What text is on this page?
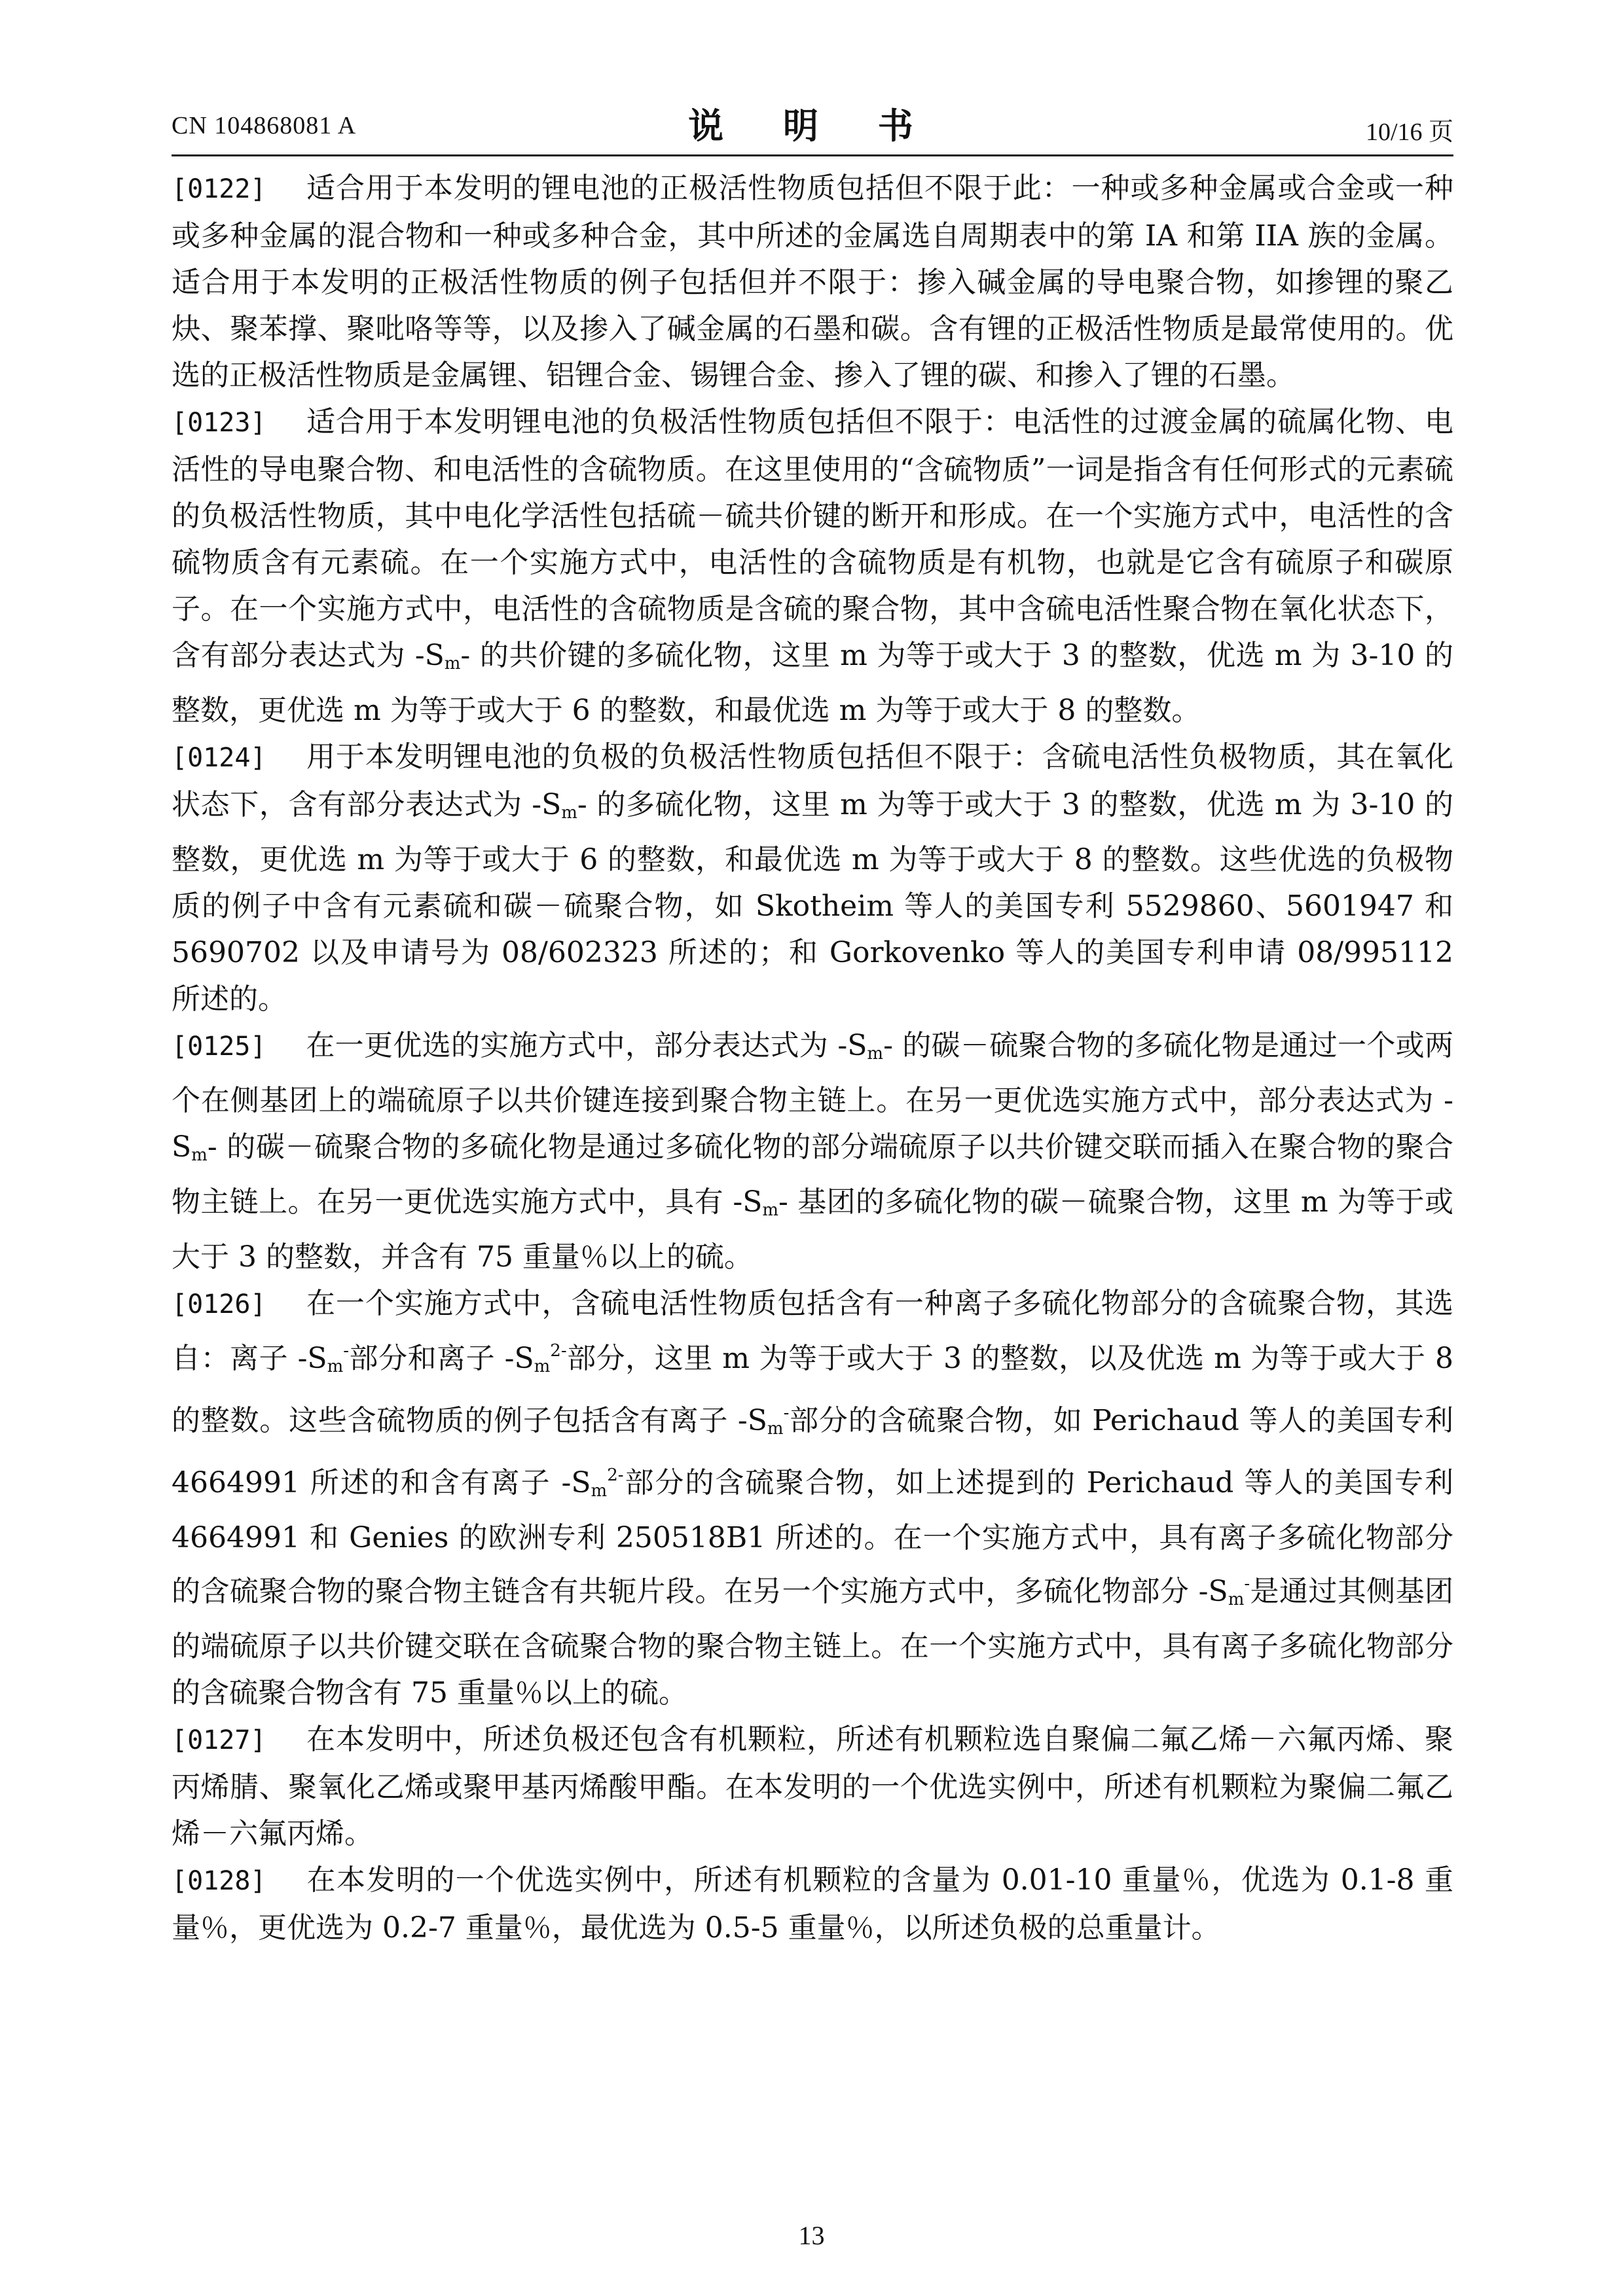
CN 104868081 A	说 明 书	10/16 页

[0122] 适合用于本发明的锂电池的正极活性物质包括但不限于此：一种或多种金属或合金或一种或多种金属的混合物和一种或多种合金，其中所述的金属选自周期表中的第 IA 和第 IIA 族的金属。适合用于本发明的正极活性物质的例子包括但并不限于：掺入碱金属的导电聚合物，如掺锂的聚乙炔、聚苯撑、聚吡咯等等，以及掺入了碱金属的石墨和碳。含有锂的正极活性物质是最常使用的。优选的正极活性物质是金属锂、铝锂合金、锡锂合金、掺入了锂的碳、和掺入了锂的石墨。

[0123] 适合用于本发明锂电池的负极活性物质包括但不限于：电活性的过渡金属的硫属化物、电活性的导电聚合物、和电活性的含硫物质。在这里使用的“含硫物质”一词是指含有任何形式的元素硫的负极活性物质，其中电化学活性包括硫－硫共价键的断开和形成。在一个实施方式中，电活性的含硫物质含有元素硫。在一个实施方式中，电活性的含硫物质是有机物，也就是它含有硫原子和碳原子。在一个实施方式中，电活性的含硫物质是含硫的聚合物，其中含硫电活性聚合物在氧化状态下，含有部分表达式为 $-S_m-$ 的共价键的多硫化物，这里 m 为等于或大于 3 的整数，优选 m 为 3-10 的整数，更优选 m 为等于或大于 6 的整数，和最优选 m 为等于或大于 8 的整数。

[0124] 用于本发明锂电池的负极的负极活性物质包括但不限于：含硫电活性负极物质，其在氧化状态下，含有部分表达式为 $-S_m-$ 的多硫化物，这里 m 为等于或大于 3 的整数，优选 m 为 3-10 的整数，更优选 m 为等于或大于 6 的整数，和最优选 m 为等于或大于 8 的整数。这些优选的负极物质的例子中含有元素硫和碳－硫聚合物，如 Skotheim 等人的美国专利 5529860、5601947 和 5690702 以及申请号为 08/602323 所述的；和 Gorkovenko 等人的美国专利申请 08/995112 所述的。

[0125] 在一更优选的实施方式中，部分表达式为 $-S_m-$ 的碳－硫聚合物的多硫化物是通过一个或两个在侧基团上的端硫原子以共价键连接到聚合物主链上。在另一更优选实施方式中，部分表达式为 $-S_m-$ 的碳－硫聚合物的多硫化物是通过多硫化物的部分端硫原子以共价键交联而插入在聚合物的聚合物主链上。在另一更优选实施方式中，具有 $-S_m-$ 基团的多硫化物的碳－硫聚合物，这里 m 为等于或大于 3 的整数，并含有 75 重量％以上的硫。

[0126] 在一个实施方式中，含硫电活性物质包括含有一种离子多硫化物部分的含硫聚合物，其选自：离子 $-S_m^-$部分和离子 $-S_m^{2-}$部分，这里 m 为等于或大于 3 的整数，以及优选 m 为等于或大于 8 的整数。这些含硫物质的例子包括含有离子 $-S_m^-$部分的含硫聚合物，如 Perichaud 等人的美国专利 4664991 所述的和含有离子 $-S_m^{2-}$部分的含硫聚合物，如上述提到的 Perichaud 等人的美国专利 4664991 和 Genies 的欧洲专利 250518B1 所述的。在一个实施方式中，具有离子多硫化物部分的含硫聚合物的聚合物主链含有共轭片段。在另一个实施方式中，多硫化物部分 $-S_m^-$是通过其侧基团的端硫原子以共价键交联在含硫聚合物的聚合物主链上。在一个实施方式中，具有离子多硫化物部分的含硫聚合物含有 75 重量％以上的硫。

[0127] 在本发明中，所述负极还包含有机颗粒，所述有机颗粒选自聚偏二氟乙烯－六氟丙烯、聚丙烯腈、聚氧化乙烯或聚甲基丙烯酸甲酯。在本发明的一个优选实例中，所述有机颗粒为聚偏二氟乙烯－六氟丙烯。

[0128] 在本发明的一个优选实例中，所述有机颗粒的含量为 0.01-10 重量％，优选为 0.1-8 重量％，更优选为 0.2-7 重量％，最优选为 0.5-5 重量％，以所述负极的总重量计。

13
